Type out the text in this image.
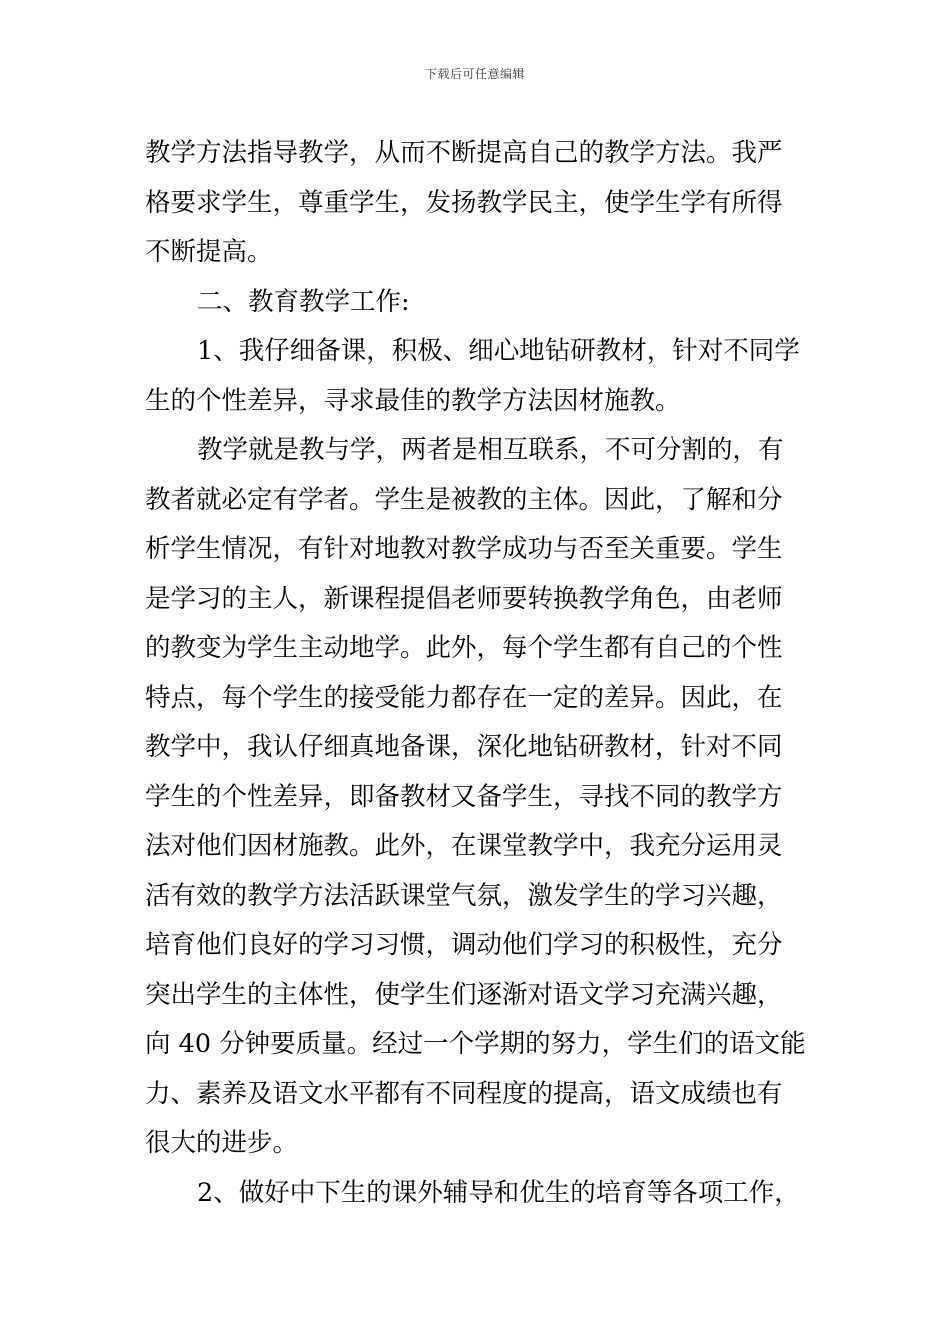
下载后可任意编辑
教学方法指导教学，从而不断提高自己的教学方法。我严
格要求学生，尊重学生，发扬教学民主，使学生学有所得
不断提高。
二、教育教学工作:
1、我仔细备课，积极、细心地钻研教材，针对不同学
生的个性差异，寻求最佳的教学方法因材施教。
教学就是教与学，两者是相互联系，不可分割的，有
教者就必定有学者。学生是被教的主体。因此，了解和分
析学生情况，有针对地教对教学成功与否至关重要。学生
是学习的主人，新课程提倡老师要转换教学角色，由老师
的教变为学生主动地学。此外，每个学生都有自己的个性
特点，每个学生的接受能力都存在一定的差异。因此，在
教学中，我认仔细真地备课，深化地钻研教材，针对不同
学生的个性差异，即备教材又备学生，寻找不同的教学方
法对他们因材施教。此外，在课堂教学中，我充分运用灵
活有效的教学方法活跃课堂气氛，激发学生的学习兴趣，
培育他们良好的学习习惯，调动他们学习的积极性，充分
突出学生的主体性，使学生们逐渐对语文学习充满兴趣，
向 40 分钟要质量。经过一个学期的努力，学生们的语文能
力、素养及语文水平都有不同程度的提高，语文成绩也有
很大的进步。
2、做好中下生的课外辅导和优生的培育等各项工作，
